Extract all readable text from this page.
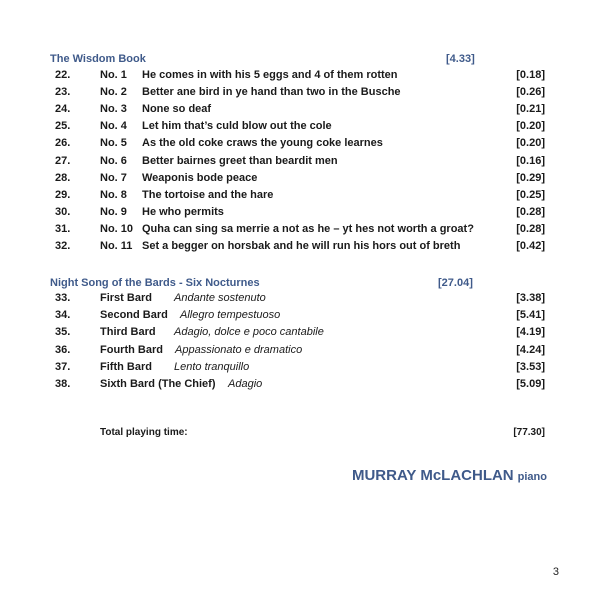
The Wisdom Book	[4.33]
22.	No. 1 He comes in with his 5 eggs and 4 of them rotten	[0.18]
23.	No. 2 Better ane bird in ye hand than two in the Busche	[0.26]
24.	No. 3 None so deaf	[0.21]
25.	No. 4 Let him that’s culd blow out the cole	[0.20]
26.	No. 5 As the old coke craws the young coke learnes	[0.20]
27.	No. 6 Better bairnes greet than beardit men	[0.16]
28.	No. 7 Weaponis bode peace	[0.29]
29.	No. 8 The tortoise and the hare	[0.25]
30.	No. 9 He who permits	[0.28]
31.	No. 10 Quha can sing sa merrie a not as he – yt hes not worth a groat?	[0.28]
32.	No. 11 Set a begger on horsbak and he will run his hors out of breth	[0.42]
Night Song of the Bards - Six Nocturnes	[27.04]
33.	First Bard Andante sostenuto	[3.38]
34.	Second Bard Allegro tempestuoso	[5.41]
35.	Third Bard Adagio, dolce e poco cantabile	[4.19]
36.	Fourth Bard Appassionato e dramatico	[4.24]
37.	Fifth Bard Lento tranquillo	[3.53]
38.	Sixth Bard (The Chief) Adagio	[5.09]
Total playing time:	[77.30]
MURRAY McLACHLAN piano
3
